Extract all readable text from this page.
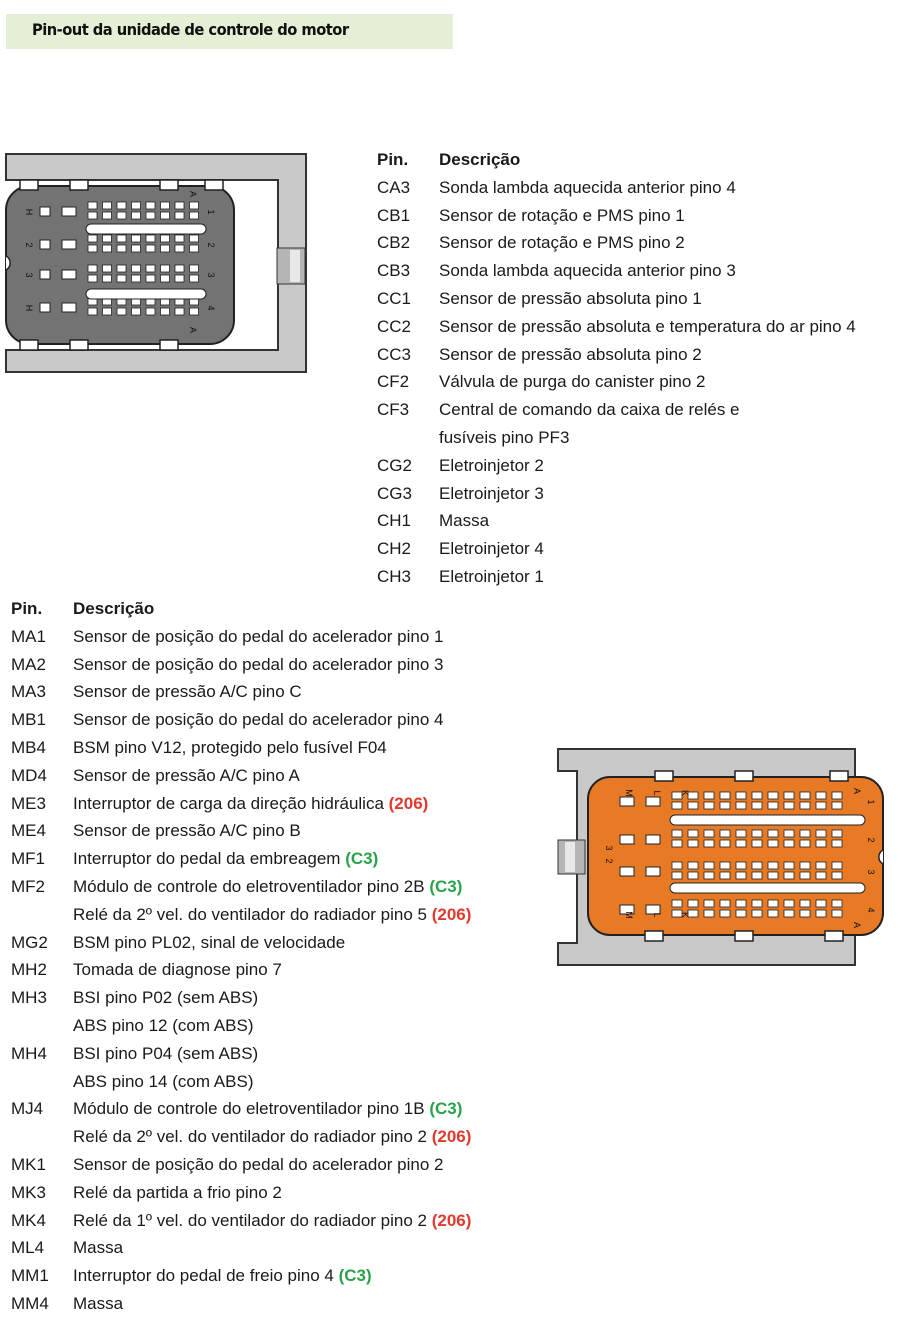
Pin-out da unidade de controle do motor
H	1
2	2
3	3
H	4
A
A
1
2
3
4
M L K
3
2
M L K
A
A
Pin. Descrição
CA3 Sonda lambda aquecida anterior pino 4
CB1 Sensor de rotação e PMS pino 1
CB2 Sensor de rotação e PMS pino 2
CB3 Sonda lambda aquecida anterior pino 3
CC1 Sensor de pressão absoluta pino 1
CC2 Sensor de pressão absoluta e temperatura do ar pino 4
CC3 Sensor de pressão absoluta pino 2
CF2 Válvula de purga do canister pino 2
CF3 Central de comando da caixa de relés e
fusíveis pino PF3
CG2 Eletroinjetor 2
CG3 Eletroinjetor 3
CH1 Massa
CH2 Eletroinjetor 4
CH3 Eletroinjetor 1
Pin. Descrição
MA1 Sensor de posição do pedal do acelerador pino 1
MA2 Sensor de posição do pedal do acelerador pino 3
MA3 Sensor de pressão A/C pino C
MB1 Sensor de posição do pedal do acelerador pino 4
MB4 BSM pino V12, protegido pelo fusível F04
MD4 Sensor de pressão A/C pino A
ME3 Interruptor de carga da direção hidráulica (206)
ME4 Sensor de pressão A/C pino B
MF1 Interruptor do pedal da embreagem (C3)
MF2 Módulo de controle do eletroventilador pino 2B (C3)
Relé da 2º vel. do ventilador do radiador pino 5 (206)
MG2 BSM pino PL02, sinal de velocidade
MH2 Tomada de diagnose pino 7
MH3 BSI pino P02 (sem ABS)
ABS pino 12 (com ABS)
MH4 BSI pino P04 (sem ABS)
ABS pino 14 (com ABS)
MJ4 Módulo de controle do eletroventilador pino 1B (C3)
Relé da 2º vel. do ventilador do radiador pino 2 (206)
MK1 Sensor de posição do pedal do acelerador pino 2
MK3 Relé da partida a frio pino 2
MK4 Relé da 1º vel. do ventilador do radiador pino 2 (206)
ML4 Massa
MM1 Interruptor do pedal de freio pino 4 (C3)
MM4 Massa
